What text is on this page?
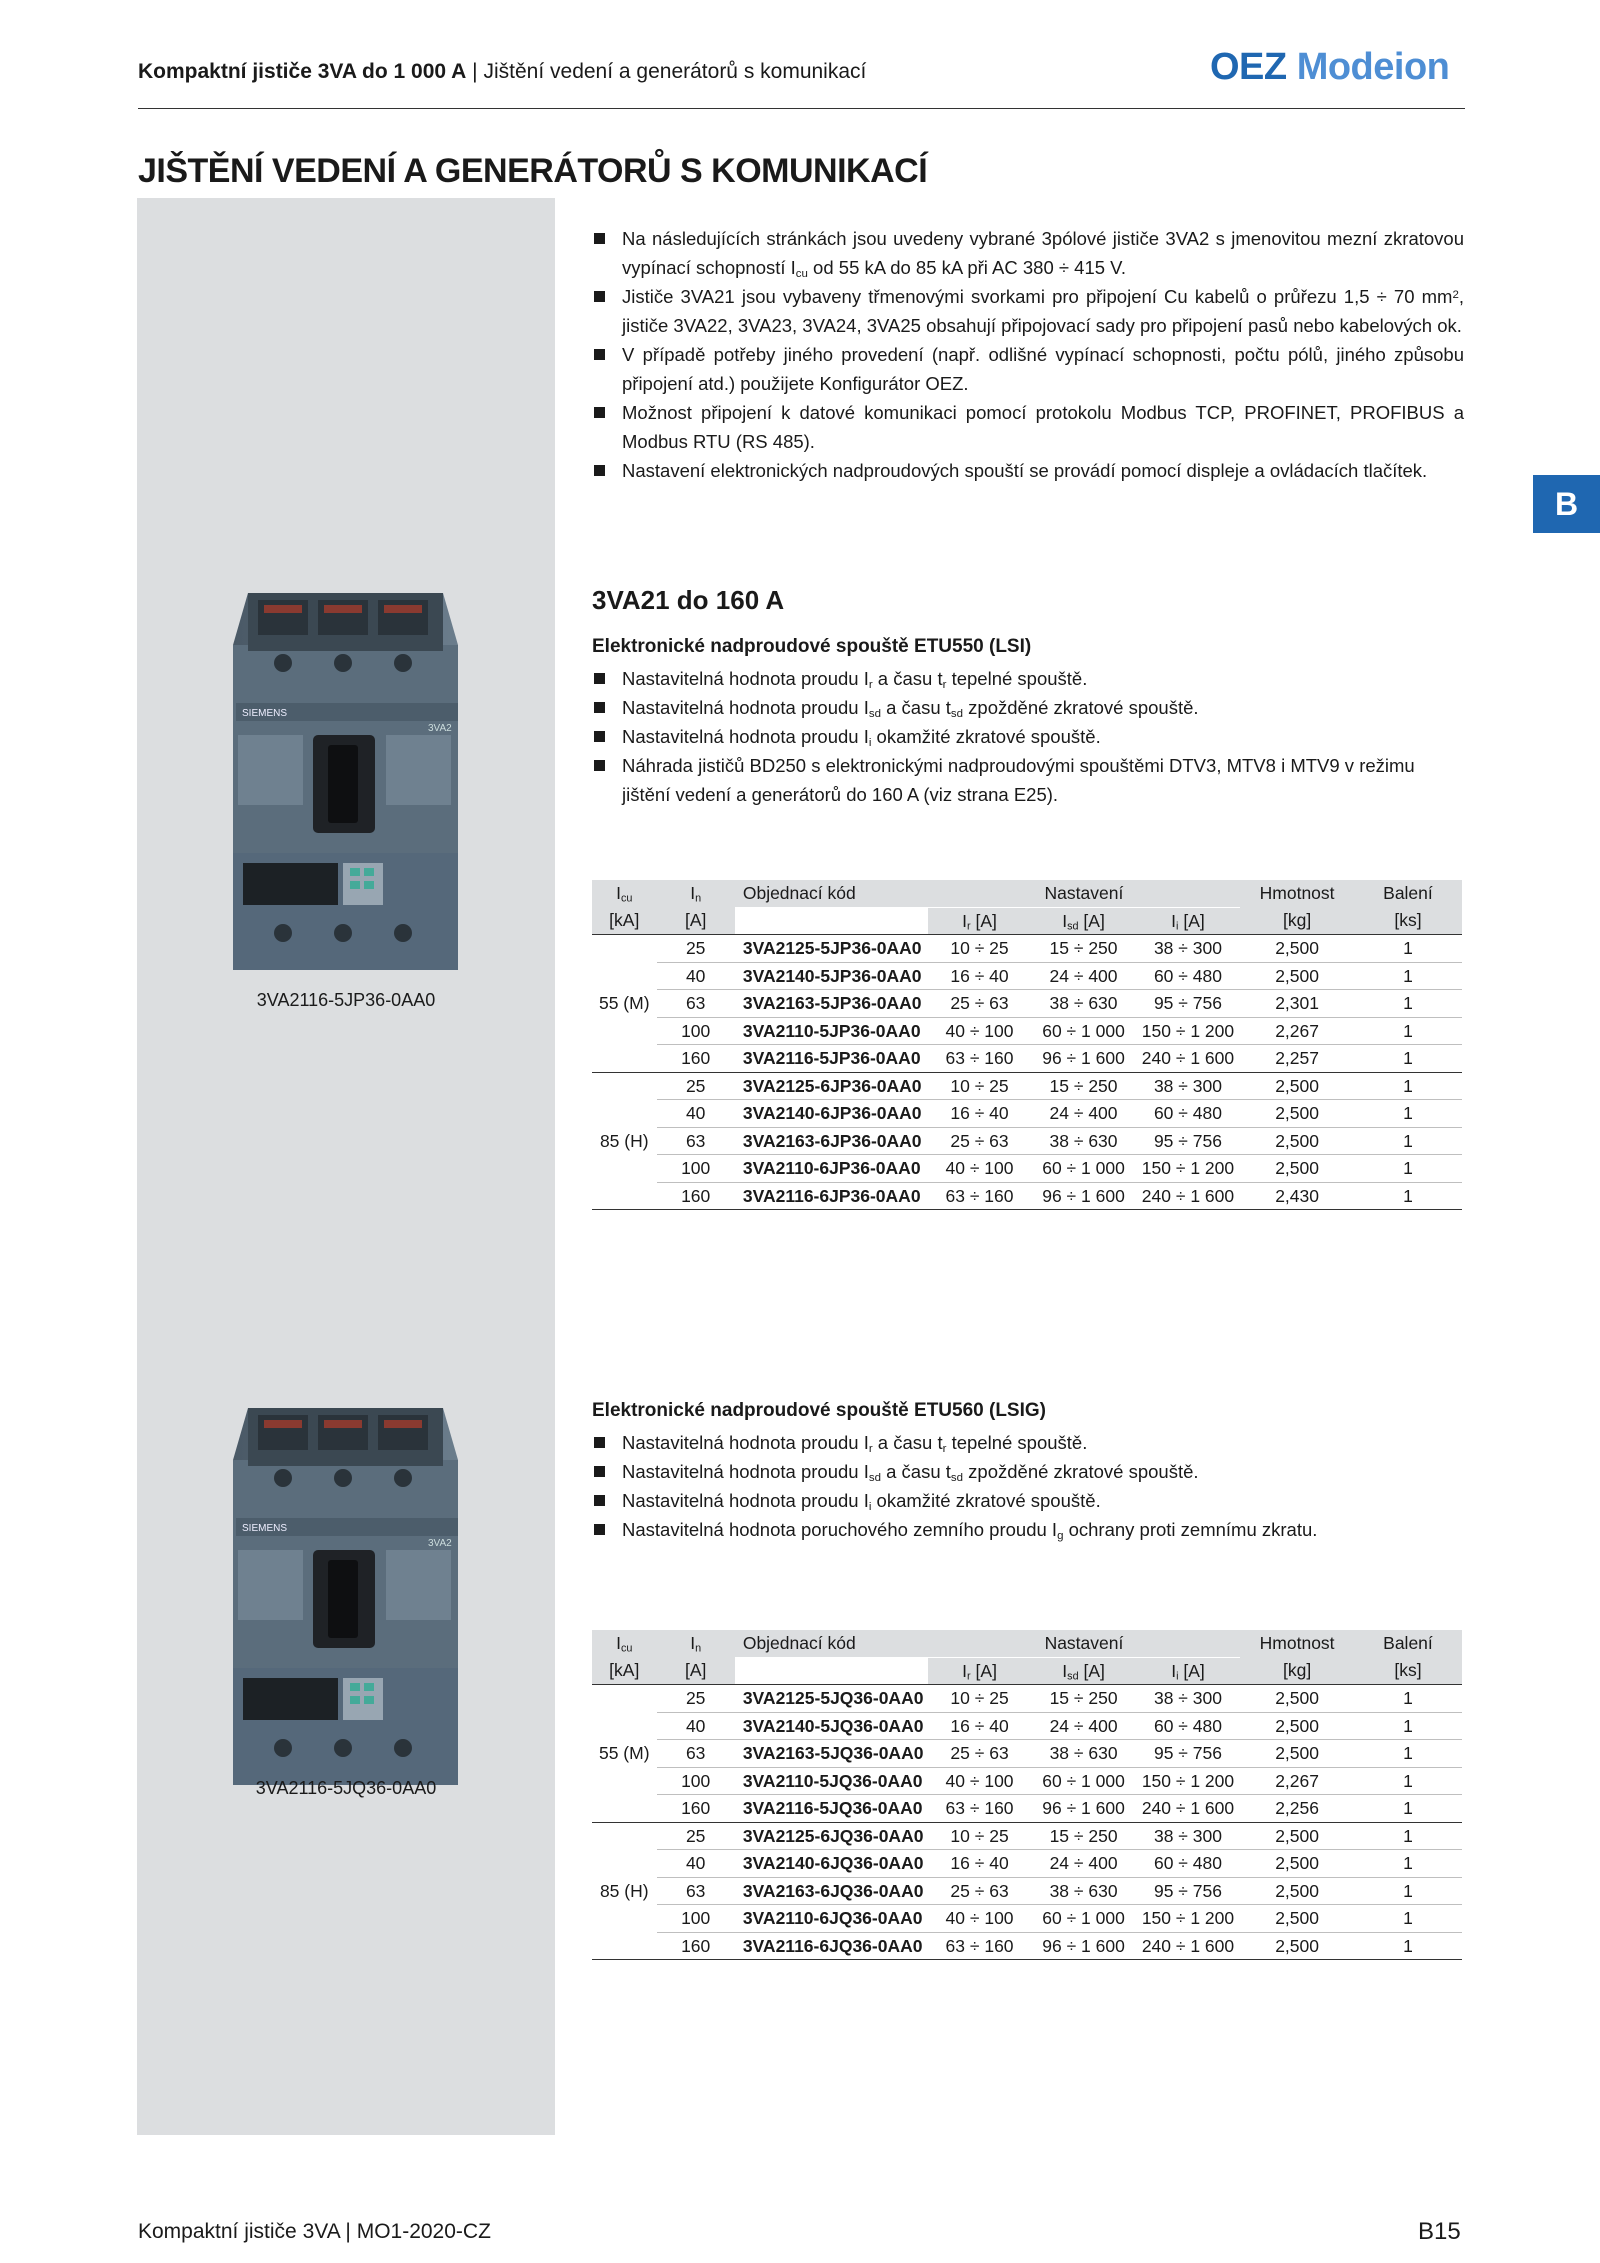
Kompaktní jističe 3VA do 1 000 A | Jištění vedení a generátorů s komunikací	OEZ Modeion
JIŠTĚNÍ VEDENÍ A GENERÁTORŮ S KOMUNIKACÍ
B
Na následujících stránkách jsou uvedeny vybrané 3pólové jističe 3VA2 s jmenovitou mezní zkratovou vypínací schopností $I_{cu}$ od 55 kA do 85 kA při AC 380 ÷ 415 V.
Jističe 3VA21 jsou vybaveny třmenovými svorkami pro připojení Cu kabelů o průřezu 1,5 ÷ 70 $mm^2$, jističe 3VA22, 3VA23, 3VA24, 3VA25 obsahují připojovací sady pro připojení pasů nebo kabelových ok.
V případě potřeby jiného provedení (např. odlišné vypínací schopnosti, počtu pólů, jiného způsobu připojení atd.) použijete Konfigurátor OEZ.
Možnost připojení k datové komunikaci pomocí protokolu Modbus TCP, PROFINET, PROFIBUS a Modbus RTU (RS 485).
Nastavení elektronických nadproudových spouští se provádí pomocí displeje a ovládacích tlačítek.
3VA21 do 160 A
Elektronické nadproudové spouště ETU550 (LSI)
Nastavitelná hodnota proudu $I_r$ a času $t_r$ tepelné spouště.
Nastavitelná hodnota proudu $I_{sd}$ a času $t_{sd}$ zpožděné zkratové spouště.
Nastavitelná hodnota proudu $I_i$ okamžité zkratové spouště.
Náhrada jističů BD250 s elektronickými nadproudovými spouštěmi DTV3, MTV8 i MTV9 v režimu jištění vedení a generátorů do 160 A (viz strana E25).
SIEMENS
3VA2
3VA2116-5JP36-0AA0
$I_{cu}$	$I_n$	Objednací kód	Nastavení			Hmotnost	Balení
[kA]	[A]		$I_r$ [A]	$I_{sd}$ [A]	$I_i$ [A]	[kg]	[ks]
55 (M)	25	3VA2125-5JP36-0AA0	10 ÷ 25	15 ÷ 250	38 ÷ 300	2,500	1
	40	3VA2140-5JP36-0AA0	16 ÷ 40	24 ÷ 400	60 ÷ 480	2,500	1
	63	3VA2163-5JP36-0AA0	25 ÷ 63	38 ÷ 630	95 ÷ 756	2,301	1
	100	3VA2110-5JP36-0AA0	40 ÷ 100	60 ÷ 1 000	150 ÷ 1 200	2,267	1
	160	3VA2116-5JP36-0AA0	63 ÷ 160	96 ÷ 1 600	240 ÷ 1 600	2,257	1
85 (H)	25	3VA2125-6JP36-0AA0	10 ÷ 25	15 ÷ 250	38 ÷ 300	2,500	1
	40	3VA2140-6JP36-0AA0	16 ÷ 40	24 ÷ 400	60 ÷ 480	2,500	1
	63	3VA2163-6JP36-0AA0	25 ÷ 63	38 ÷ 630	95 ÷ 756	2,500	1
	100	3VA2110-6JP36-0AA0	40 ÷ 100	60 ÷ 1 000	150 ÷ 1 200	2,500	1
	160	3VA2116-6JP36-0AA0	63 ÷ 160	96 ÷ 1 600	240 ÷ 1 600	2,430	1
Elektronické nadproudové spouště ETU560 (LSIG)
Nastavitelná hodnota proudu $I_r$ a času $t_r$ tepelné spouště.
Nastavitelná hodnota proudu $I_{sd}$ a času $t_{sd}$ zpožděné zkratové spouště.
Nastavitelná hodnota proudu $I_i$ okamžité zkratové spouště.
Nastavitelná hodnota poruchového zemního proudu $I_g$ ochrany proti zemnímu zkratu.
SIEMENS
3VA2
3VA2116-5JQ36-0AA0
$I_{cu}$	$I_n$	Objednací kód	Nastavení			Hmotnost	Balení
[kA]	[A]		$I_r$ [A]	$I_{sd}$ [A]	$I_i$ [A]	[kg]	[ks]
55 (M)	25	3VA2125-5JQ36-0AA0	10 ÷ 25	15 ÷ 250	38 ÷ 300	2,500	1
	40	3VA2140-5JQ36-0AA0	16 ÷ 40	24 ÷ 400	60 ÷ 480	2,500	1
	63	3VA2163-5JQ36-0AA0	25 ÷ 63	38 ÷ 630	95 ÷ 756	2,500	1
	100	3VA2110-5JQ36-0AA0	40 ÷ 100	60 ÷ 1 000	150 ÷ 1 200	2,267	1
	160	3VA2116-5JQ36-0AA0	63 ÷ 160	96 ÷ 1 600	240 ÷ 1 600	2,256	1
85 (H)	25	3VA2125-6JQ36-0AA0	10 ÷ 25	15 ÷ 250	38 ÷ 300	2,500	1
	40	3VA2140-6JQ36-0AA0	16 ÷ 40	24 ÷ 400	60 ÷ 480	2,500	1
	63	3VA2163-6JQ36-0AA0	25 ÷ 63	38 ÷ 630	95 ÷ 756	2,500	1
	100	3VA2110-6JQ36-0AA0	40 ÷ 100	60 ÷ 1 000	150 ÷ 1 200	2,500	1
	160	3VA2116-6JQ36-0AA0	63 ÷ 160	96 ÷ 1 600	240 ÷ 1 600	2,500	1
Kompaktní jističe 3VA | MO1-2020-CZ	B15
